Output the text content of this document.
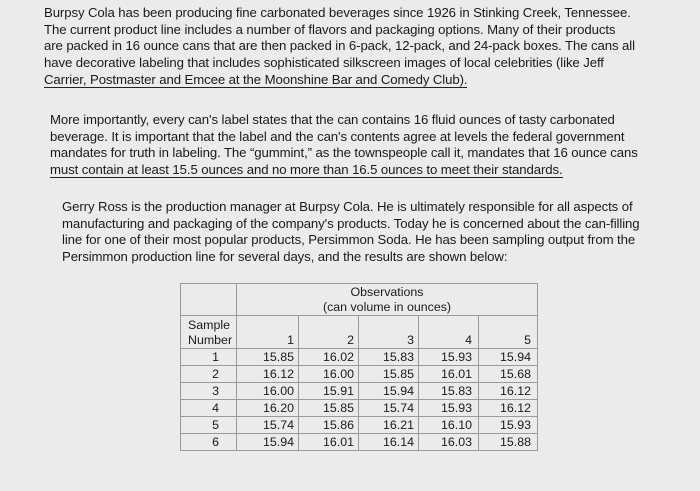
Burpsy Cola has been producing fine carbonated beverages since 1926 in Stinking Creek, Tennessee.
The current product line includes a number of flavors and packaging options. Many of their products
are packed in 16 ounce cans that are then packed in 6-pack, 12-pack, and 24-pack boxes. The cans all
have decorative labeling that includes sophisticated silkscreen images of local celebrities (like Jeff
Carrier, Postmaster and Emcee at the Moonshine Bar and Comedy Club).

More importantly, every can's label states that the can contains 16 fluid ounces of tasty carbonated
beverage. It is important that the label and the can's contents agree at levels the federal government
mandates for truth in labeling. The “gummint,” as the townspeople call it, mandates that 16 ounce cans
must contain at least 15.5 ounces and no more than 16.5 ounces to meet their standards.

Gerry Ross is the production manager at Burpsy Cola. He is ultimately responsible for all aspects of
manufacturing and packaging of the company's products. Today he is concerned about the can-filling
line for one of their most popular products, Persimmon Soda. He has been sampling output from the
Persimmon production line for several days, and the results are shown below:

	Observations
(can volume in ounces)				
Sample
Number	1	2	3	4	5
1	15.85	16.02	15.83	15.93	15.94
2	16.12	16.00	15.85	16.01	15.68
3	16.00	15.91	15.94	15.83	16.12
4	16.20	15.85	15.74	15.93	16.12
5	15.74	15.86	16.21	16.10	15.93
6	15.94	16.01	16.14	16.03	15.88
